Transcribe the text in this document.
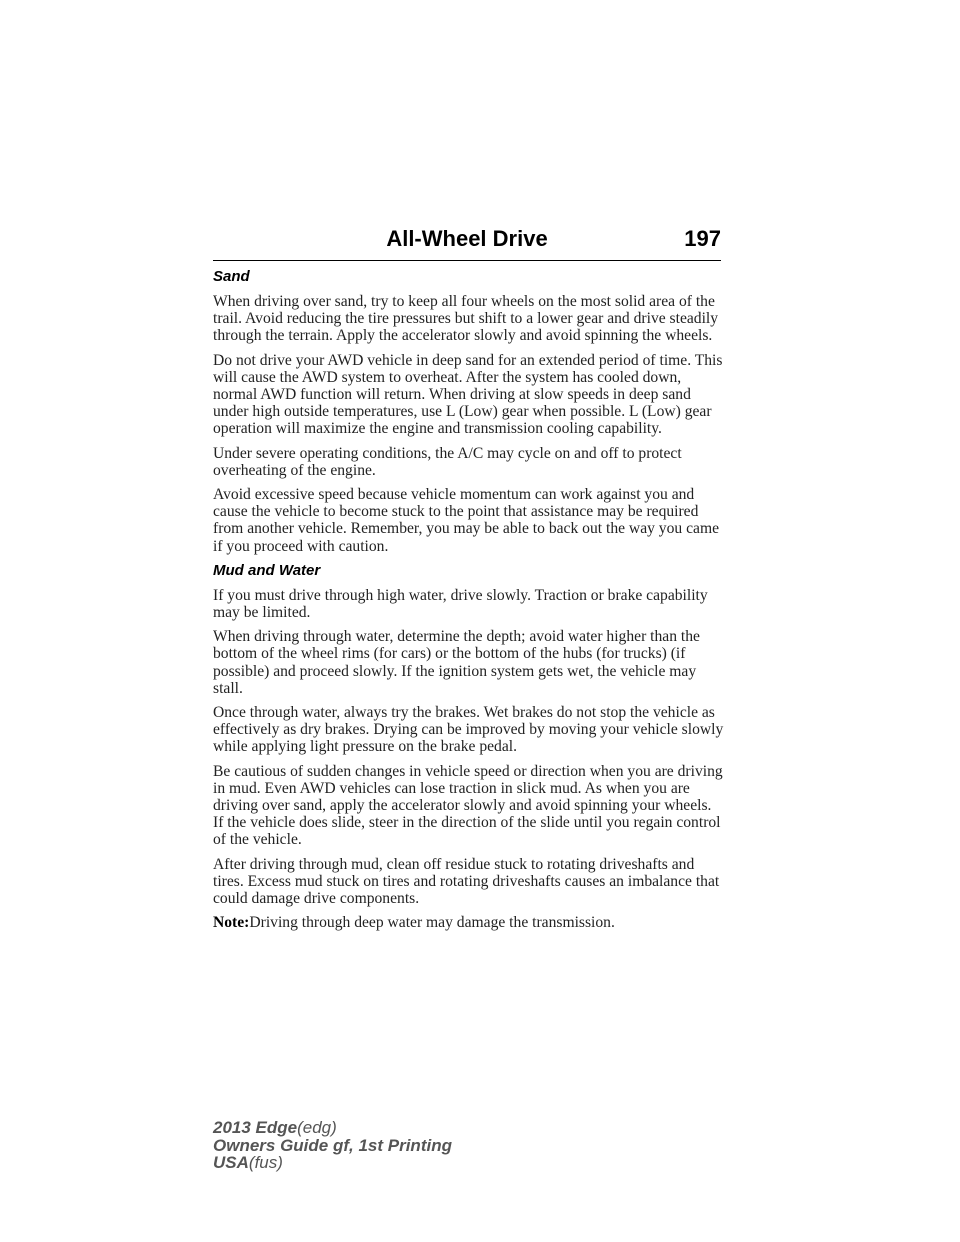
All-Wheel Drive	197
Sand

When driving over sand, try to keep all four wheels on the most solid area of the trail. Avoid reducing the tire pressures but shift to a lower gear and drive steadily through the terrain. Apply the accelerator slowly and avoid spinning the wheels.

Do not drive your AWD vehicle in deep sand for an extended period of time. This will cause the AWD system to overheat. After the system has cooled down, normal AWD function will return. When driving at slow speeds in deep sand under high outside temperatures, use L (Low) gear when possible. L (Low) gear operation will maximize the engine and transmission cooling capability.

Under severe operating conditions, the A/C may cycle on and off to protect overheating of the engine.

Avoid excessive speed because vehicle momentum can work against you and cause the vehicle to become stuck to the point that assistance may be required from another vehicle. Remember, you may be able to back out the way you came if you proceed with caution.

Mud and Water

If you must drive through high water, drive slowly. Traction or brake capability may be limited.

When driving through water, determine the depth; avoid water higher than the bottom of the wheel rims (for cars) or the bottom of the hubs (for trucks) (if possible) and proceed slowly. If the ignition system gets wet, the vehicle may stall.

Once through water, always try the brakes. Wet brakes do not stop the vehicle as effectively as dry brakes. Drying can be improved by moving your vehicle slowly while applying light pressure on the brake pedal.

Be cautious of sudden changes in vehicle speed or direction when you are driving in mud. Even AWD vehicles can lose traction in slick mud. As when you are driving over sand, apply the accelerator slowly and avoid spinning your wheels. If the vehicle does slide, steer in the direction of the slide until you regain control of the vehicle.

After driving through mud, clean off residue stuck to rotating driveshafts and tires. Excess mud stuck on tires and rotating driveshafts causes an imbalance that could damage drive components.

Note:Driving through deep water may damage the transmission.

2013 Edge(edg)
Owners Guide gf, 1st Printing
USA(fus)
